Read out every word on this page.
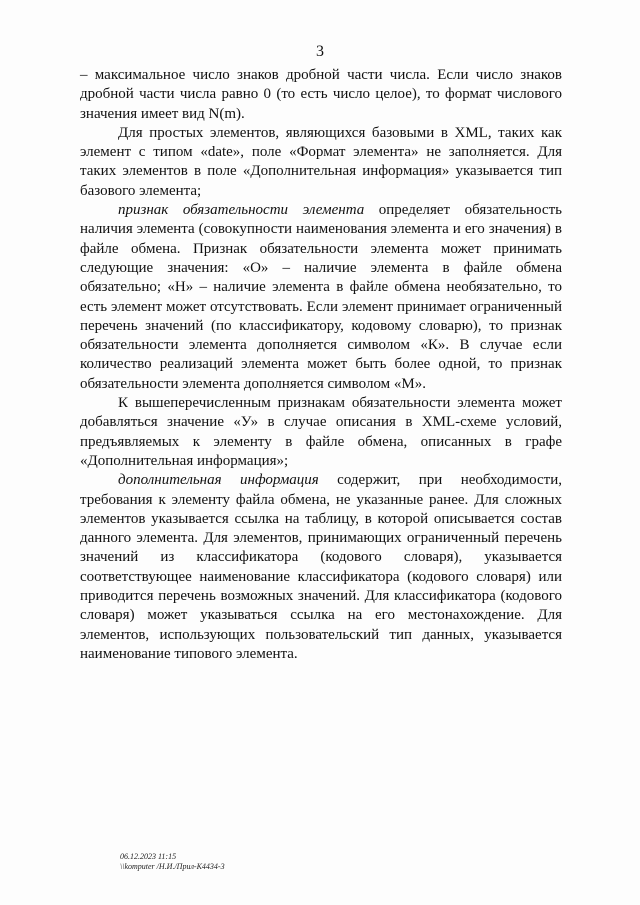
3

– максимальное число знаков дробной части числа. Если число знаков дробной части числа равно 0 (то есть число целое), то формат числового значения имеет вид N(m).

Для простых элементов, являющихся базовыми в XML, таких как элемент с типом «date», поле «Формат элемента» не заполняется. Для таких элементов в поле «Дополнительная информация» указывается тип базового элемента;

признак обязательности элемента определяет обязательность наличия элемента (совокупности наименования элемента и его значения) в файле обмена. Признак обязательности элемента может принимать следующие значения: «О» – наличие элемента в файле обмена обязательно; «Н» – наличие элемента в файле обмена необязательно, то есть элемент может отсутствовать. Если элемент принимает ограниченный перечень значений (по классификатору, кодовому словарю), то признак обязательности элемента дополняется символом «К». В случае если количество реализаций элемента может быть более одной, то признак обязательности элемента дополняется символом «М».

К вышеперечисленным признакам обязательности элемента может добавляться значение «У» в случае описания в XML-схеме условий, предъявляемых к элементу в файле обмена, описанных в графе «Дополнительная информация»;

дополнительная информация содержит, при необходимости, требования к элементу файла обмена, не указанные ранее. Для сложных элементов указывается ссылка на таблицу, в которой описывается состав данного элемента. Для элементов, принимающих ограниченный перечень значений из классификатора (кодового словаря), указывается соответствующее наименование классификатора (кодового словаря) или приводится перечень возможных значений. Для классификатора (кодового словаря) может указываться ссылка на его местонахождение. Для элементов, использующих пользовательский тип данных, указывается наименование типового элемента.

06.12.2023 11:15
\\komputer /Н.И./Прил-К4434-3
